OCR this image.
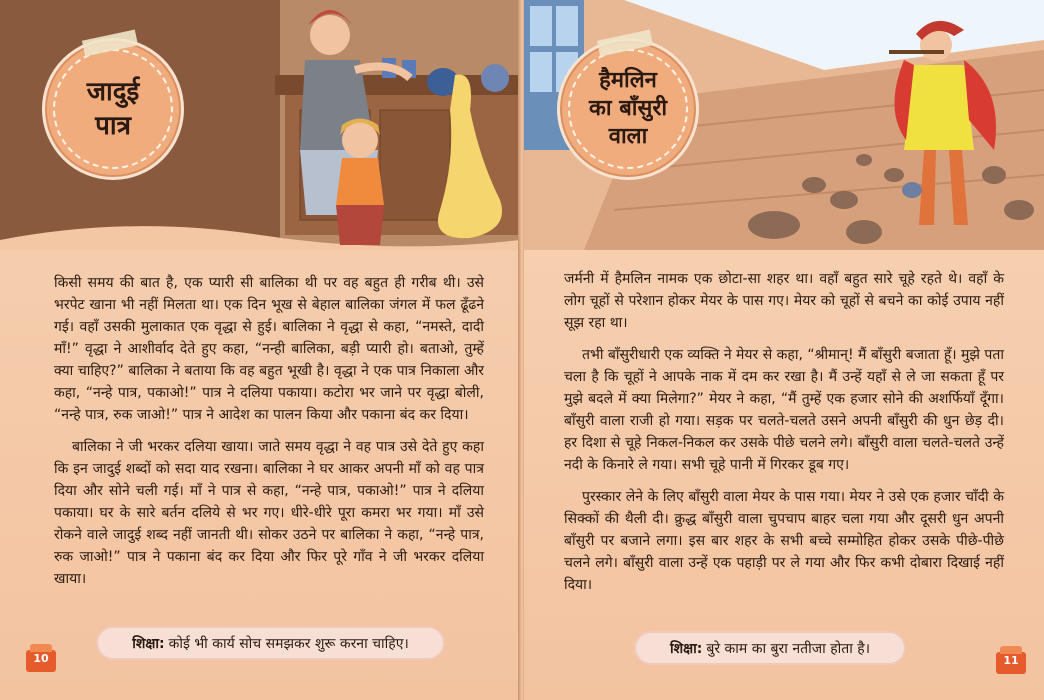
जादुई
पात्र

किसी समय की बात है, एक प्यारी सी बालिका थी पर वह बहुत ही गरीब थी। उसे भरपेट खाना भी नहीं मिलता था। एक दिन भूख से बेहाल बालिका जंगल में फल ढूँढने गई। वहाँ उसकी मुलाकात एक वृद्धा से हुई। बालिका ने वृद्धा से कहा, “नमस्ते, दादी माँ!” वृद्धा ने आशीर्वाद देते हुए कहा, “नन्ही बालिका, बड़ी प्यारी हो। बताओ, तुम्हें क्या चाहिए?” बालिका ने बताया कि वह बहुत भूखी है। वृद्धा ने एक पात्र निकाला और कहा, “नन्हे पात्र, पकाओ!” पात्र ने दलिया पकाया। कटोरा भर जाने पर वृद्धा बोली, “नन्हे पात्र, रुक जाओ!” पात्र ने आदेश का पालन किया और पकाना बंद कर दिया।

बालिका ने जी भरकर दलिया खाया। जाते समय वृद्धा ने वह पात्र उसे देते हुए कहा कि इन जादुई शब्दों को सदा याद रखना। बालिका ने घर आकर अपनी माँ को वह पात्र दिया और सोने चली गई। माँ ने पात्र से कहा, “नन्हे पात्र, पकाओ!” पात्र ने दलिया पकाया। घर के सारे बर्तन दलिये से भर गए। धीरे-धीरे पूरा कमरा भर गया। माँ उसे रोकने वाले जादुई शब्द नहीं जानती थी। सोकर उठने पर बालिका ने कहा, “नन्हे पात्र, रुक जाओ!” पात्र ने पकाना बंद कर दिया और फिर पूरे गाँव ने जी भरकर दलिया खाया।

शिक्षा: कोई भी कार्य सोच समझकर शुरू करना चाहिए।
10
हैमलिन
का बाँसुरी
वाला

जर्मनी में हैमलिन नामक एक छोटा-सा शहर था। वहाँ बहुत सारे चूहे रहते थे। वहाँ के लोग चूहों से परेशान होकर मेयर के पास गए। मेयर को चूहों से बचने का कोई उपाय नहीं सूझ रहा था।

तभी बाँसुरीधारी एक व्यक्ति ने मेयर से कहा, “श्रीमान्! मैं बाँसुरी बजाता हूँ। मुझे पता चला है कि चूहों ने आपके नाक में दम कर रखा है। मैं उन्हें यहाँ से ले जा सकता हूँ पर मुझे बदले में क्या मिलेगा?” मेयर ने कहा, “मैं तुम्हें एक हजार सोने की अशर्फियाँ दूँगा। बाँसुरी वाला राजी हो गया। सड़क पर चलते-चलते उसने अपनी बाँसुरी की धुन छेड़ दी। हर दिशा से चूहे निकल-निकल कर उसके पीछे चलने लगे। बाँसुरी वाला चलते-चलते उन्हें नदी के किनारे ले गया। सभी चूहे पानी में गिरकर डूब गए।

पुरस्कार लेने के लिए बाँसुरी वाला मेयर के पास गया। मेयर ने उसे एक हजार चाँदी के सिक्कों की थैली दी। क्रुद्ध बाँसुरी वाला चुपचाप बाहर चला गया और दूसरी धुन अपनी बाँसुरी पर बजाने लगा। इस बार शहर के सभी बच्चे सम्मोहित होकर उसके पीछे-पीछे चलने लगे। बाँसुरी वाला उन्हें एक पहाड़ी पर ले गया और फिर कभी दोबारा दिखाई नहीं दिया।

शिक्षा: बुरे काम का बुरा नतीजा होता है।
11
